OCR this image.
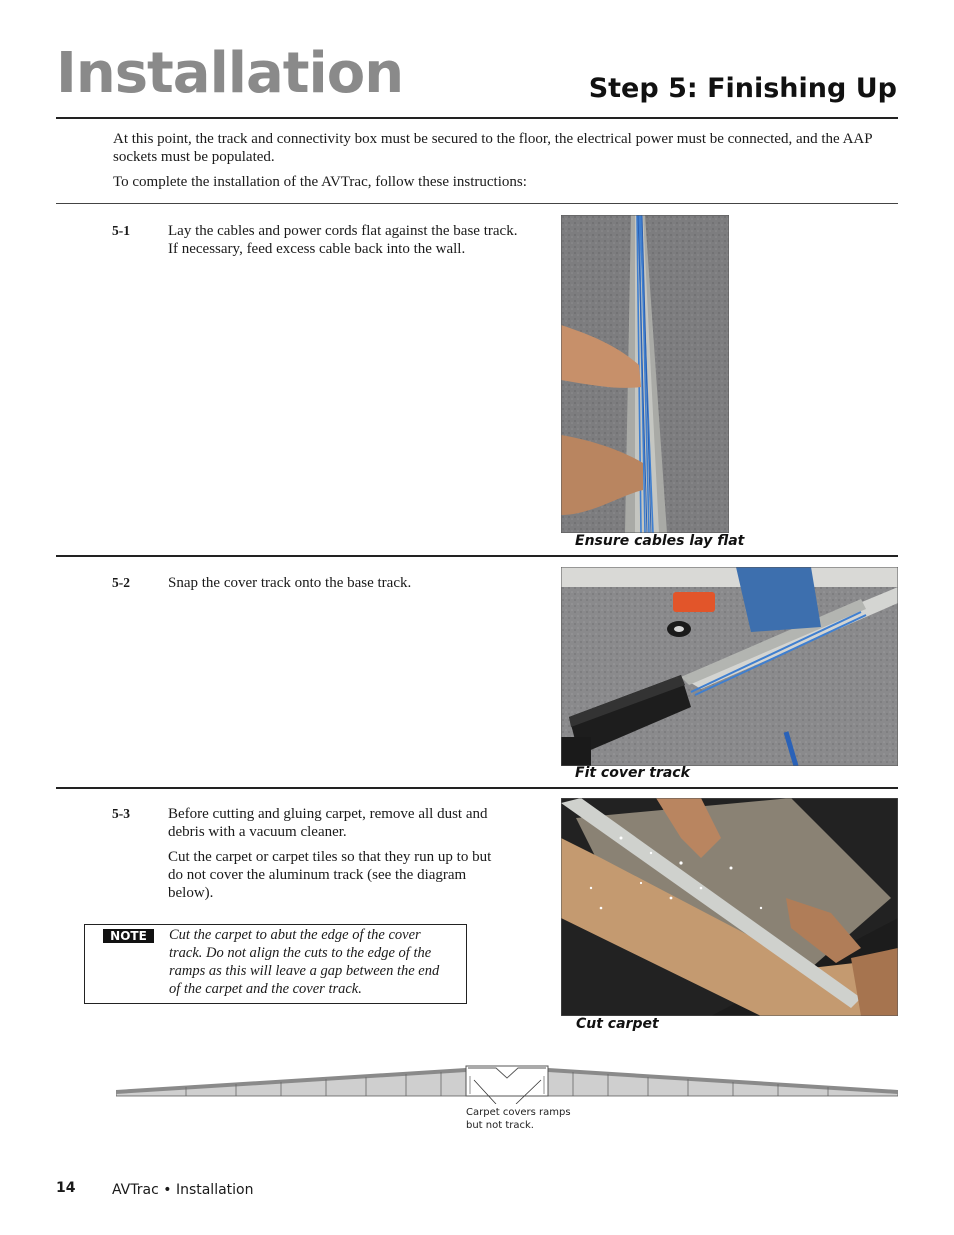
Installation	Step 5: Finishing Up
At this point, the track and connectivity box must be secured to the floor, the electrical power must be connected, and the AAP sockets must be populated.
To complete the installation of the AVTrac, follow these instructions:
5-1	Lay the cables and power cords flat against the base track. If necessary, feed excess cable back into the wall.
Ensure cables lay flat
5-2	Snap the cover track onto the base track.
Fit cover track
5-3	Before cutting and gluing carpet, remove all dust and debris with a vacuum cleaner.
Cut the carpet or carpet tiles so that they run up to but do not cover the aluminum track (see the diagram below).
NOTE	Cut the carpet to abut the edge of the cover track. Do not align the cuts to the edge of the ramps as this will leave a gap between the end of the carpet and the cover track.
Cut carpet
Carpet covers ramps
but not track.
14	AVTrac • Installation
